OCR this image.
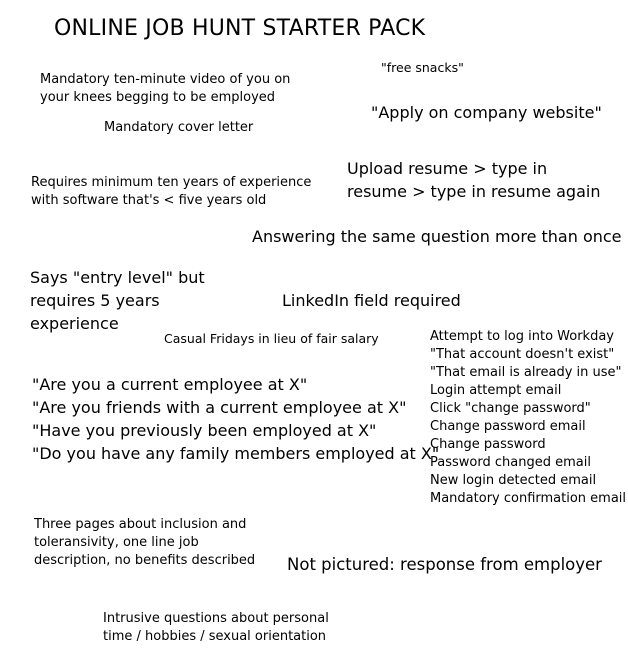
ONLINE JOB HUNT STARTER PACK
Mandatory ten-minute video of you on
your knees begging to be employed
"free snacks"
"Apply on company website"
Mandatory cover letter
Upload resume > type in
resume > type in resume again
Requires minimum ten years of experience
with software that's < five years old
Answering the same question more than once
Says "entry level" but
requires 5 years
experience
LinkedIn field required
Casual Fridays in lieu of fair salary	Attempt to log into Workday
"That account doesn't exist"
"That email is already in use"
Login attempt email
Click "change password"
Change password email
Change password
Password changed email
New login detected email
Mandatory confirmation email
"Are you a current employee at X"
"Are you friends with a current employee at X"
"Have you previously been employed at X"
"Do you have any family members employed at X"
Three pages about inclusion and
toleransivity, one line job
description, no benefits described Not pictured: response from employer
Intrusive questions about personal
time / hobbies / sexual orientation
